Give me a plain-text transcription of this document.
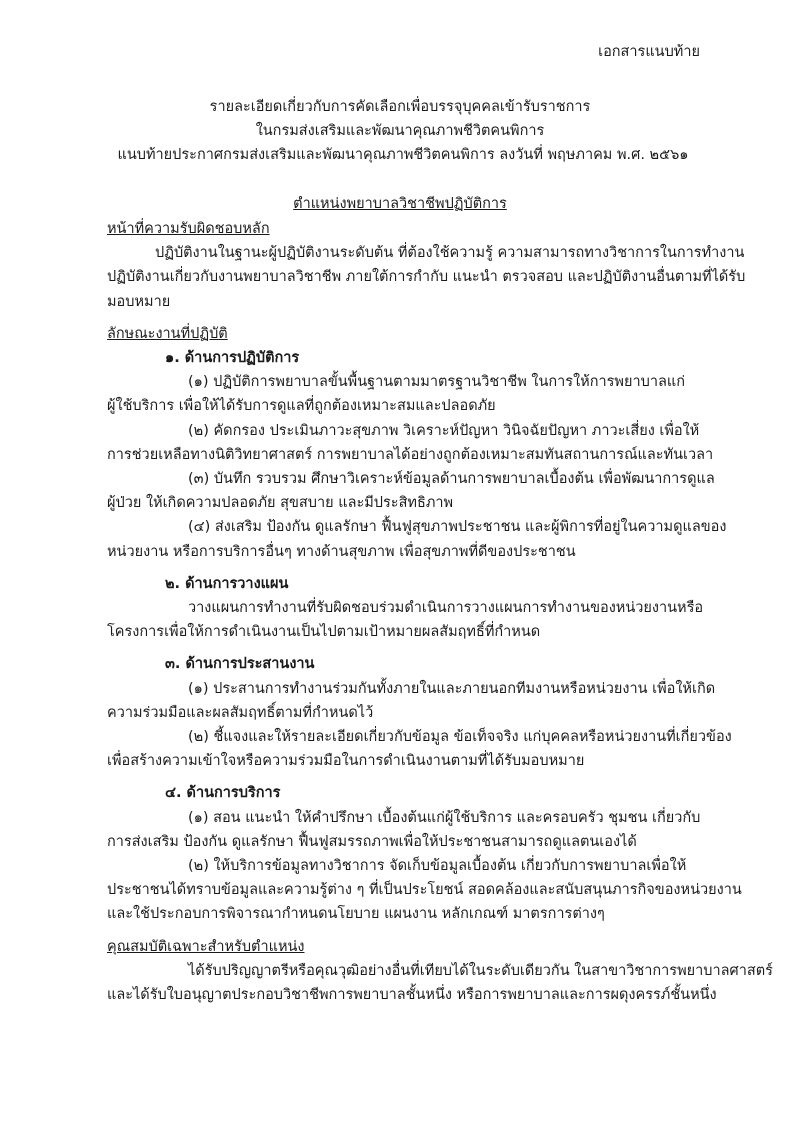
เอกสารแนบท้าย
รายละเอียดเกี่ยวกับการคัดเลือกเพื่อบรรจุบุคคลเข้ารับราชการ
ในกรมส่งเสริมและพัฒนาคุณภาพชีวิตคนพิการ
แนบท้ายประกาศกรมส่งเสริมและพัฒนาคุณภาพชีวิตคนพิการ ลงวันที่ พฤษภาคม พ.ศ. ๒๕๖๑
ตำแหน่งพยาบาลวิชาชีพปฏิบัติการ
หน้าที่ความรับผิดชอบหลัก
ปฏิบัติงานในฐานะผู้ปฏิบัติงานระดับต้น ที่ต้องใช้ความรู้ ความสามารถทางวิชาการในการทำงาน
ปฏิบัติงานเกี่ยวกับงานพยาบาลวิชาชีพ ภายใต้การกำกับ แนะนำ ตรวจสอบ และปฏิบัติงานอื่นตามที่ได้รับ
มอบหมาย
ลักษณะงานที่ปฏิบัติ
๑. ด้านการปฏิบัติการ
(๑) ปฏิบัติการพยาบาลขั้นพื้นฐานตามมาตรฐานวิชาชีพ ในการให้การพยาบาลแก่
ผู้ใช้บริการ เพื่อให้ได้รับการดูแลที่ถูกต้องเหมาะสมและปลอดภัย
(๒) คัดกรอง ประเมินภาวะสุขภาพ วิเคราะห์ปัญหา วินิจฉัยปัญหา ภาวะเสี่ยง เพื่อให้
การช่วยเหลือทางนิติวิทยาศาสตร์ การพยาบาลได้อย่างถูกต้องเหมาะสมทันสถานการณ์และทันเวลา
(๓) บันทึก รวบรวม ศึกษาวิเคราะห์ข้อมูลด้านการพยาบาลเบื้องต้น เพื่อพัฒนาการดูแล
ผู้ป่วย ให้เกิดความปลอดภัย สุขสบาย และมีประสิทธิภาพ
(๔) ส่งเสริม ป้องกัน ดูแลรักษา ฟื้นฟูสุขภาพประชาชน และผู้พิการที่อยู่ในความดูแลของ
หน่วยงาน หรือการบริการอื่นๆ ทางด้านสุขภาพ เพื่อสุขภาพที่ดีของประชาชน
๒. ด้านการวางแผน
วางแผนการทำงานที่รับผิดชอบร่วมดำเนินการวางแผนการทำงานของหน่วยงานหรือ
โครงการเพื่อให้การดำเนินงานเป็นไปตามเป้าหมายผลสัมฤทธิ์ที่กำหนด
๓. ด้านการประสานงาน
(๑) ประสานการทำงานร่วมกันทั้งภายในและภายนอกทีมงานหรือหน่วยงาน เพื่อให้เกิด
ความร่วมมือและผลสัมฤทธิ์ตามที่กำหนดไว้
(๒) ชี้แจงและให้รายละเอียดเกี่ยวกับข้อมูล ข้อเท็จจริง แก่บุคคลหรือหน่วยงานที่เกี่ยวข้อง
เพื่อสร้างความเข้าใจหรือความร่วมมือในการดำเนินงานตามที่ได้รับมอบหมาย
๔. ด้านการบริการ
(๑) สอน แนะนำ ให้คำปรึกษา เบื้องต้นแก่ผู้ใช้บริการ และครอบครัว ชุมชน เกี่ยวกับ
การส่งเสริม ป้องกัน ดูแลรักษา ฟื้นฟูสมรรถภาพเพื่อให้ประชาชนสามารถดูแลตนเองได้
(๒) ให้บริการข้อมูลทางวิชาการ จัดเก็บข้อมูลเบื้องต้น เกี่ยวกับการพยาบาลเพื่อให้
ประชาชนได้ทราบข้อมูลและความรู้ต่าง ๆ ที่เป็นประโยชน์ สอดคล้องและสนับสนุนภารกิจของหน่วยงาน
และใช้ประกอบการพิจารณากำหนดนโยบาย แผนงาน หลักเกณฑ์ มาตรการต่างๆ
คุณสมบัติเฉพาะสำหรับตำแหน่ง
ได้รับปริญญาตรีหรือคุณวุฒิอย่างอื่นที่เทียบได้ในระดับเดียวกัน ในสาขาวิชาการพยาบาลศาสตร์
และได้รับใบอนุญาตประกอบวิชาชีพการพยาบาลชั้นหนึ่ง หรือการพยาบาลและการผดุงครรภ์ชั้นหนึ่ง
